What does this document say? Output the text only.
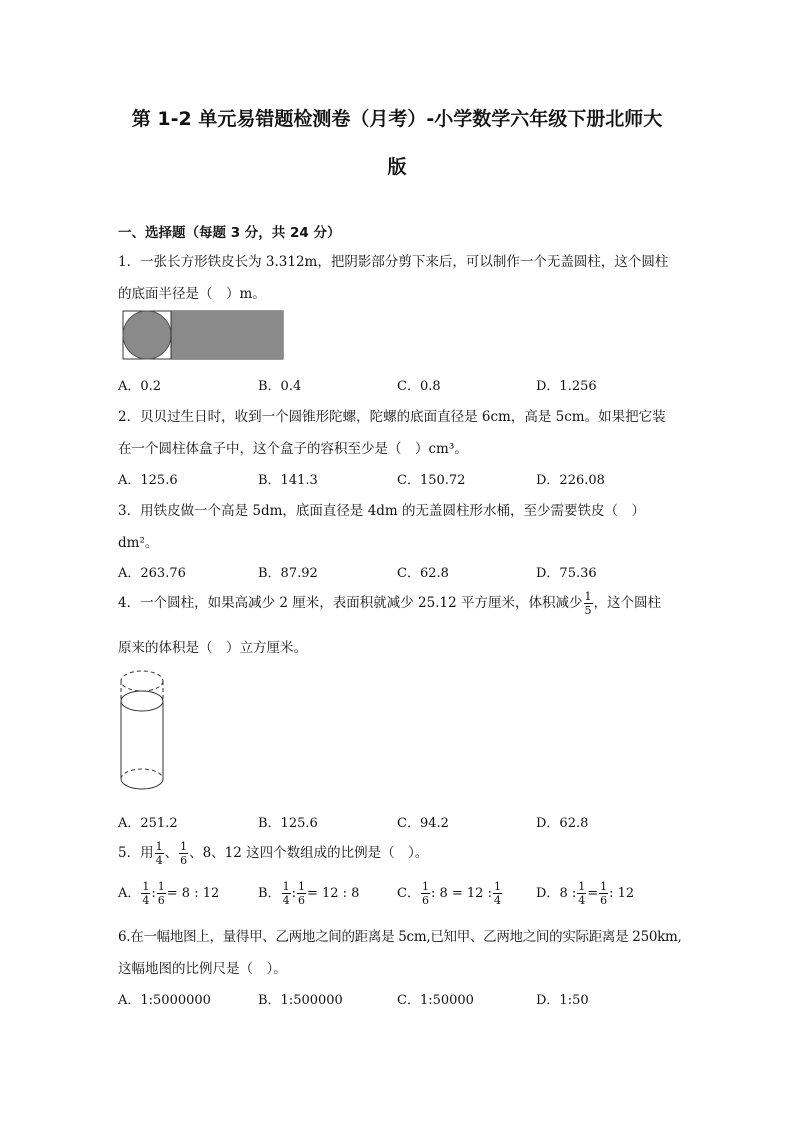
第 1-2 单元易错题检测卷（月考）-小学数学六年级下册北师大
版
一、选择题（每题 3 分，共 24 分）
1．一张长方形铁皮长为 3.312m，把阴影部分剪下来后，可以制作一个无盖圆柱，这个圆柱
的底面半径是（　）m。
A．0.2	B．0.4	C．0.8	D．1.256
2．贝贝过生日时，收到一个圆锥形陀螺，陀螺的底面直径是 6cm，高是 5cm。如果把它装
在一个圆柱体盒子中，这个盒子的容积至少是（　）cm³。
A．125.6	B．141.3	C．150.72	D．226.08
3．用铁皮做一个高是 5dm，底面直径是 4dm 的无盖圆柱形水桶，至少需要铁皮（　）
dm²。
A．263.76	B．87.92	C．62.8	D．75.36
4．一个圆柱，如果高减少 2 厘米，表面积就减少 25.12 平方厘米，体积减少 $\frac{1}{5}$ ，这个圆柱
原来的体积是（　）立方厘米。
A．251.2	B．125.6	C．94.2	D．62.8
5．用 $\frac{1}{4}$ 、 $\frac{1}{6}$ 、8、12 这四个数组成的比例是（　）。
A． $\frac{1}{4}$ : $\frac{1}{6} = 8$ : 12	B． $\frac{1}{4}$ : $\frac{1}{6} = 12$ : 8	C． $\frac{1}{6}$ : 8 = 12 : $\frac{1}{4}$	D．8 : $\frac{1}{4} = \frac{1}{6}$ : 12
6.在一幅地图上，量得甲、乙两地之间的距离是 5cm,已知甲、乙两地之间的实际距离是 250km,
这幅地图的比例尺是（　）。
A．1:5000000	B．1:500000	C．1:50000	D．1:50
